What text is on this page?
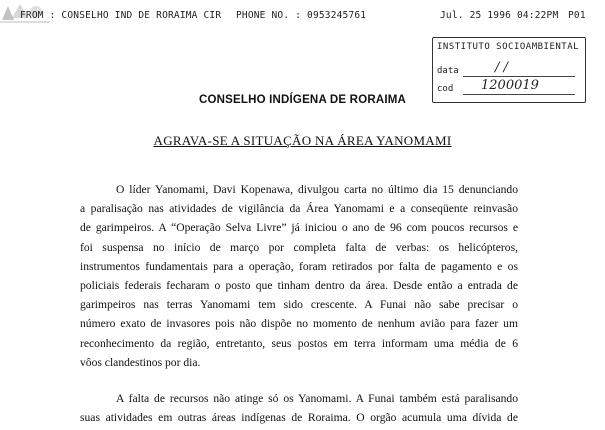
FROM : CONSELHO IND DE RORAIMA CIR PHONE NO. : 0953245761	Jul. 25 1996 04:22PM P01
INSTITUTO SOCIOAMBIENTAL
data	/ /
cod 1200019
CONSELHO INDÍGENA DE RORAIMA
AGRAVA-SE A SITUAÇÃO NA ÁREA YANOMAMI
O líder Yanomami, Davi Kopenawa, divulgou carta no último dia 15 denunciando
a paralisação nas atividades de vigilância da Área Yanomami e a conseqüente reinvasão
de garimpeiros. A “Operação Selva Livre” já iniciou o ano de 96 com poucos recursos e
foi suspensa no início de março por completa falta de verbas: os helicópteros,
instrumentos fundamentais para a operação, foram retirados por falta de pagamento e os
policiais federais fecharam o posto que tinham dentro da área. Desde então a entrada de
garimpeiros nas terras Yanomami tem sido crescente. A Funai não sabe precisar o
número exato de invasores pois não dispõe no momento de nenhum avião para fazer um
reconhecimento da região, entretanto, seus postos em terra informam uma média de 6
vôos clandestinos por dia.
A falta de recursos não atinge só os Yanomami. A Funai também está paralisando
suas atividades em outras áreas indígenas de Roraima. O orgão acumula uma dívida de
